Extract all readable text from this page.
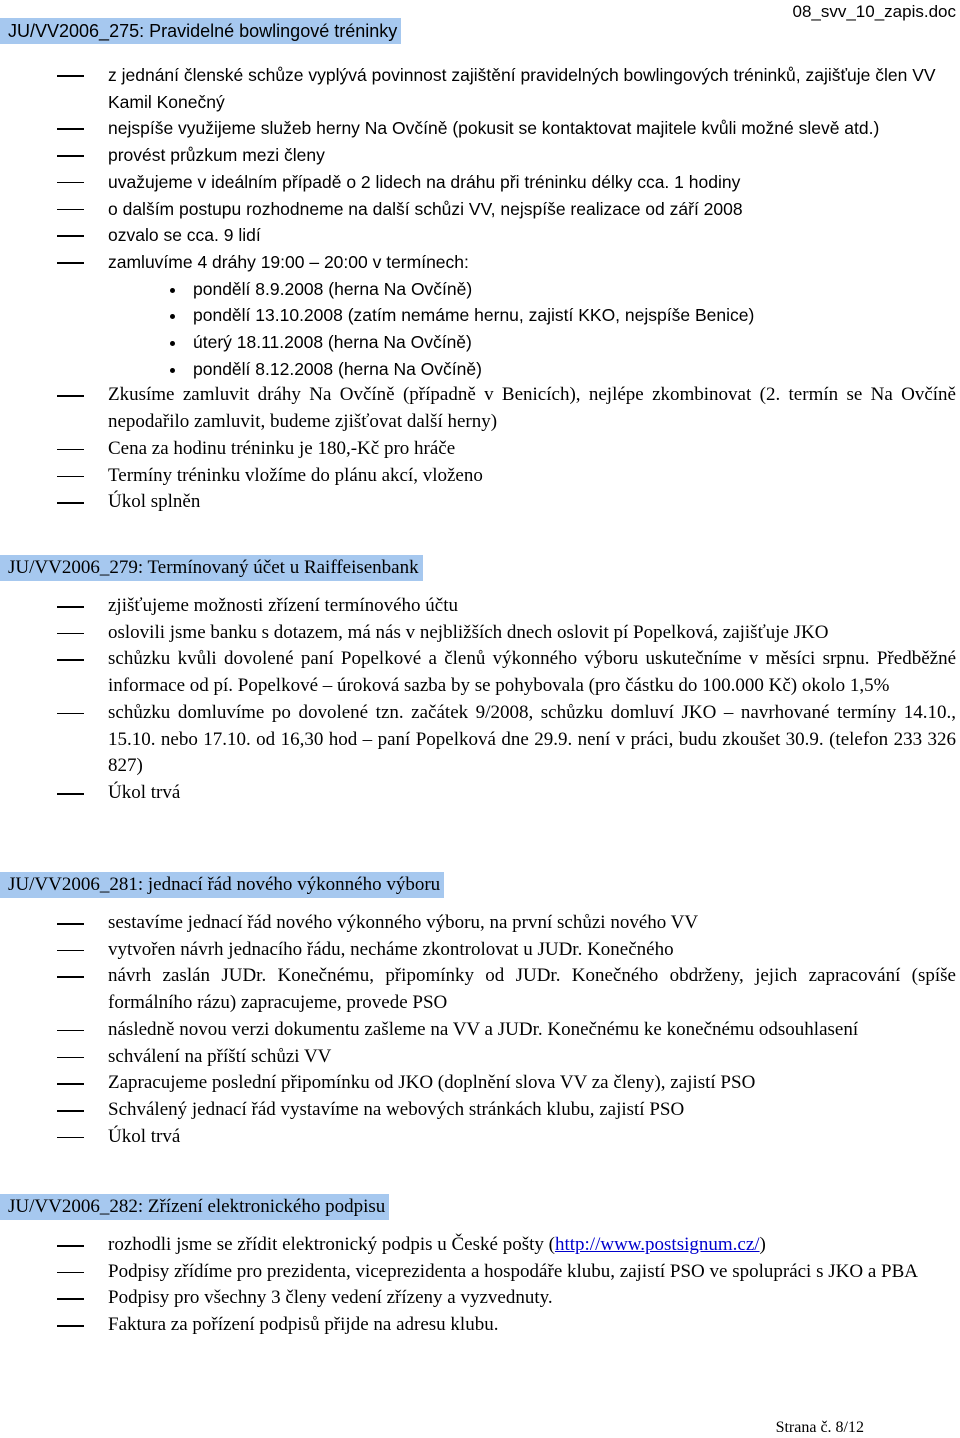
08_svv_10_zapis.doc
JU/VV2006_275: Pravidelné bowlingové tréninky
z jednání členské schůze vyplývá povinnost zajištění pravidelných bowlingových tréninků, zajišťuje člen VV Kamil Konečný
nejspíše využijeme služeb herny Na Ovčíně (pokusit se kontaktovat majitele kvůli možné slevě atd.)
provést průzkum mezi členy
uvažujeme v ideálním případě o 2 lidech na dráhu při tréninku délky cca. 1 hodiny
o dalším postupu rozhodneme na další schůzi VV, nejspíše realizace od září 2008
ozvalo se cca. 9 lidí
zamluvíme 4 dráhy 19:00 – 20:00 v termínech:
pondělí 8.9.2008 (herna Na Ovčíně)
pondělí 13.10.2008 (zatím nemáme hernu, zajistí KKO, nejspíše Benice)
úterý 18.11.2008 (herna Na Ovčíně)
pondělí 8.12.2008 (herna Na Ovčíně)
Zkusíme zamluvit dráhy Na Ovčíně (případně v Benicích), nejlépe zkombinovat (2. termín se Na Ovčíně nepodařilo zamluvit, budeme zjišťovat další herny)
Cena za hodinu tréninku je 180,-Kč pro hráče
Termíny tréninku vložíme do plánu akcí, vloženo
Úkol splněn
JU/VV2006_279: Termínovaný účet u Raiffeisenbank
zjišťujeme možnosti zřízení termínového účtu
oslovili jsme banku s dotazem, má nás v nejbližších dnech oslovit pí Popelková, zajišťuje JKO
schůzku kvůli dovolené paní Popelkové a členů výkonného výboru uskutečníme v měsíci srpnu. Předběžné informace od pí. Popelkové – úroková sazba by se pohybovala (pro částku do 100.000 Kč) okolo 1,5%
schůzku domluvíme po dovolené tzn. začátek 9/2008, schůzku domluví JKO – navrhované termíny 14.10., 15.10. nebo 17.10. od 16,30 hod – paní Popelková dne 29.9. není v práci, budu zkoušet 30.9. (telefon 233 326 827)
Úkol trvá
JU/VV2006_281: jednací řád nového výkonného výboru
sestavíme jednací řád nového výkonného výboru, na první schůzi nového VV
vytvořen návrh jednacího řádu, necháme zkontrolovat u JUDr. Konečného
návrh zaslán JUDr. Konečnému, připomínky od JUDr. Konečného obdrženy, jejich zapracování (spíše formálního rázu) zapracujeme, provede PSO
následně novou verzi dokumentu zašleme na VV a JUDr. Konečnému ke konečnému odsouhlasení
schválení na příští schůzi VV
Zapracujeme poslední připomínku od JKO (doplnění slova VV za členy), zajistí PSO
Schválený jednací řád vystavíme na webových stránkách klubu, zajistí PSO
Úkol trvá
JU/VV2006_282: Zřízení elektronického podpisu
rozhodli jsme se zřídit elektronický podpis u České pošty (http://www.postsignum.cz/)
Podpisy zřídíme pro prezidenta, viceprezidenta a hospodáře klubu, zajistí PSO ve spolupráci s JKO a PBA
Podpisy pro všechny 3 členy vedení zřízeny a vyzvednuty.
Faktura za pořízení podpisů přijde na adresu klubu.
Strana č. 8/12
